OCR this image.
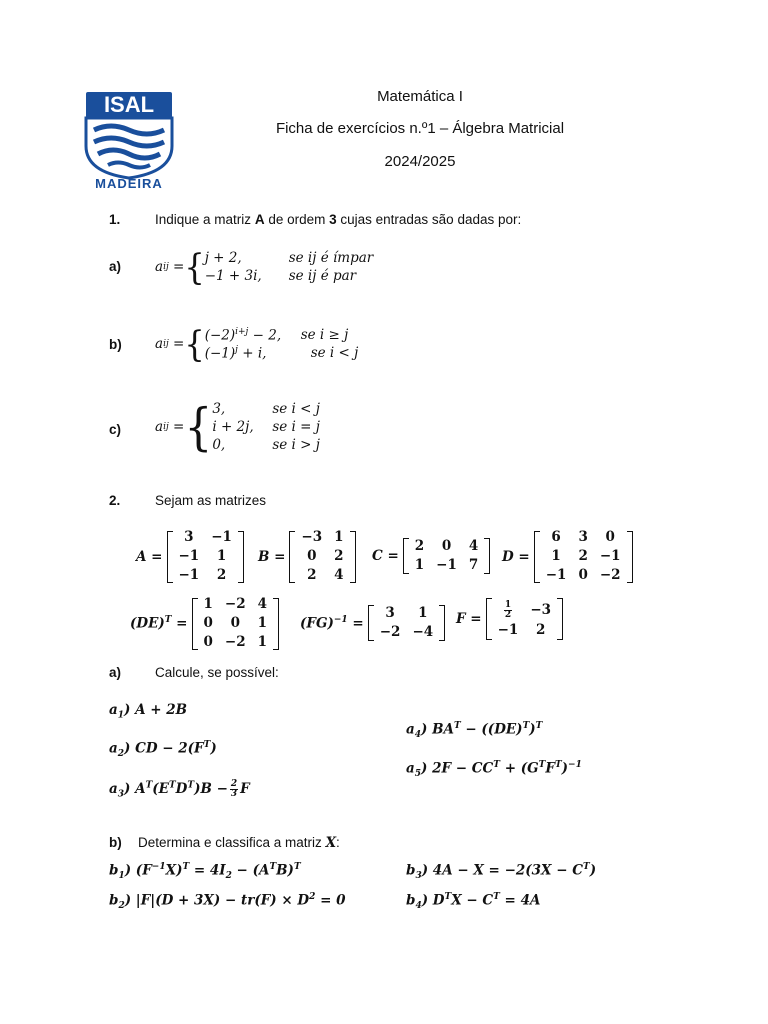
ISAL
MADEIRA
Matemática I
Ficha de exercícios n.º1 – Álgebra Matricial
2024/2025
1.	Indique a matriz A de ordem 3 cujas entradas são dadas por:
a)	a ij = { j + 2,	se ij é ímpar
−1 + 3i,	se ij é par
b) a ij = { $(-2)^{i+j} - 2$,	se i ≥ j
$(-1)^j + i$,	se i < j
c)	a ij = { 3,	se i < j
i + 2j,	se i = j
0,	se i > j
2.	Sejam as matrizes
A =
3	−1
−1	1
−1	2
B =
−3 1
0	2
2	4
C =
2	0	4
1 −1 7
D =
6	3	0
1	2 −1
−1 0 −2
(DE)$^T$ =
1 −2 4
0	0	1
0 −2 1
(FG)$^{-1}$ =
3	1
−2 −4
$F = \frac{1}{2}$	−3
−1	2
a)	Calcule, se possível:
$a_1$) A + 2B
$a_2$) CD − $2(F^T)$
$a_3$) $A^T(E^TD^T)B - \frac{2}{3}$ F
$a_4$) $BA^T - ((DE)^T)^T$
$a_5$) $2F - CC^T + (G^TF^T)^{-1}$
b) Determina e classifica a matriz X:
$b_1$) $(F^{-1}X)^T = 4I_2 - (A^TB)^T$
$b_2$) $|F|(D + 3X) - tr(F) \times D^2 = 0$
$b_3$) $4A - X = -2(3X - C^T)$
$b_4$) $D^TX - C^T = 4A$
